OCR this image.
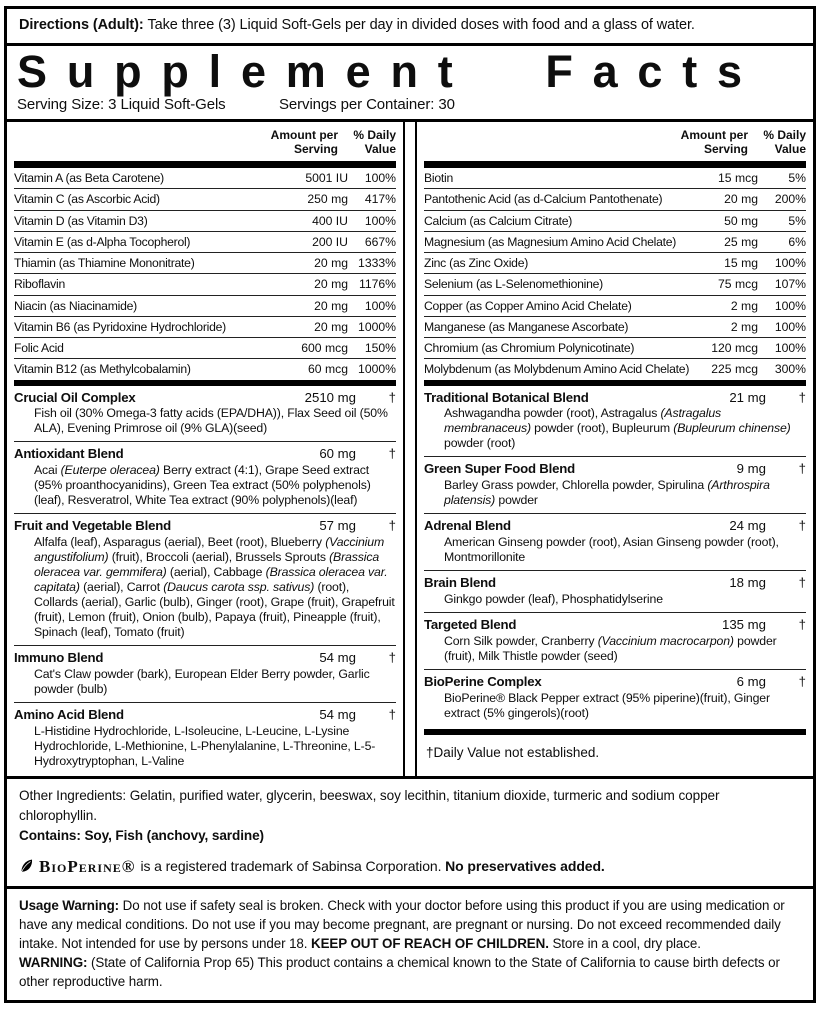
Directions (Adult): Take three (3) Liquid Soft-Gels per day in divided doses with food and a glass of water.
Supplement Facts
Serving Size: 3 Liquid Soft-Gels	Servings per Container: 30
Amount per Serving
% Daily Value
Vitamin A (as Beta Carotene)	5001 IU	100%
Vitamin C (as Ascorbic Acid)	250 mg	417%
Vitamin D (as Vitamin D3)	400 IU	100%
Vitamin E (as d-Alpha Tocopherol)	200 IU	667%
Thiamin (as Thiamine Mononitrate)	20 mg 1333%
Riboflavin	20 mg 1176%
Niacin (as Niacinamide)	20 mg	100%
Vitamin B6 (as Pyridoxine Hydrochloride)	20 mg 1000%
Folic Acid	600 mcg	150%
Vitamin B12 (as Methylcobalamin)	60 mcg 1000%
Crucial Oil Complex	2510 mg	†
Fish oil (30% Omega-3 fatty acids (EPA/DHA)), Flax Seed oil (50% ALA), Evening Primrose oil (9% GLA)(seed)
Antioxidant Blend	60 mg	†
Acai (Euterpe oleracea) Berry extract (4:1), Grape Seed extract (95% proanthocyanidins), Green Tea extract (50% polyphenols)(leaf), Resveratrol, White Tea extract (90% polyphenols)(leaf)
Fruit and Vegetable Blend	57 mg	†
Alfalfa (leaf), Asparagus (aerial), Beet (root), Blueberry (Vaccinium angustifolium) (fruit), Broccoli (aerial), Brussels Sprouts (Brassica oleracea var. gemmifera) (aerial), Cabbage (Brassica oleracea var. capitata) (aerial), Carrot (Daucus carota ssp. sativus) (root), Collards (aerial), Garlic (bulb), Ginger (root), Grape (fruit), Grapefruit (fruit), Lemon (fruit), Onion (bulb), Papaya (fruit), Pineapple (fruit), Spinach (leaf), Tomato (fruit)
Immuno Blend	54 mg	†
Cat's Claw powder (bark), European Elder Berry powder, Garlic powder (bulb)
Amino Acid Blend	54 mg	†
L-Histidine Hydrochloride, L-Isoleucine, L-Leucine, L-Lysine Hydrochloride, L-Methionine, L-Phenylalanine, L-Threonine, L-5-Hydroxytryptophan, L-Valine
Amount per Serving
% Daily Value
Biotin	15 mcg	5%
Pantothenic Acid (as d-Calcium Pantothenate)	20 mg	200%
Calcium (as Calcium Citrate)	50 mg	5%
Magnesium (as Magnesium Amino Acid Chelate)	25 mg	6%
Zinc (as Zinc Oxide)	15 mg	100%
Selenium (as L-Selenomethionine)	75 mcg	107%
Copper (as Copper Amino Acid Chelate)	2 mg	100%
Manganese (as Manganese Ascorbate)	2 mg	100%
Chromium (as Chromium Polynicotinate)	120 mcg	100%
Molybdenum (as Molybdenum Amino Acid Chelate)	225 mcg	300%
Traditional Botanical Blend	21 mg	†
Ashwagandha powder (root), Astragalus (Astragalus membranaceus) powder (root), Bupleurum (Bupleurum chinense) powder (root)
Green Super Food Blend	9 mg	†
Barley Grass powder, Chlorella powder, Spirulina (Arthrospira platensis) powder
Adrenal Blend	24 mg	†
American Ginseng powder (root), Asian Ginseng powder (root), Montmorillonite
Brain Blend	18 mg	†
Ginkgo powder (leaf), Phosphatidylserine
Targeted Blend	135 mg	†
Corn Silk powder, Cranberry (Vaccinium macrocarpon) powder (fruit), Milk Thistle powder (seed)
BioPerine Complex	6 mg	†
BioPerine® Black Pepper extract (95% piperine)(fruit), Ginger extract (5% gingerols)(root)
†Daily Value not established.
Other Ingredients: Gelatin, purified water, glycerin, beeswax, soy lecithin, titanium dioxide, turmeric and sodium copper chlorophyllin.
Contains: Soy, Fish (anchovy, sardine)
BioPerine® is a registered trademark of Sabinsa Corporation. No preservatives added.
Usage Warning: Do not use if safety seal is broken. Check with your doctor before using this product if you are using medication or have any medical conditions. Do not use if you may become pregnant, are pregnant or nursing. Do not exceed recommended daily intake. Not intended for use by persons under 18. KEEP OUT OF REACH OF CHILDREN. Store in a cool, dry place.
WARNING: (State of California Prop 65) This product contains a chemical known to the State of California to cause birth defects or other reproductive harm.
